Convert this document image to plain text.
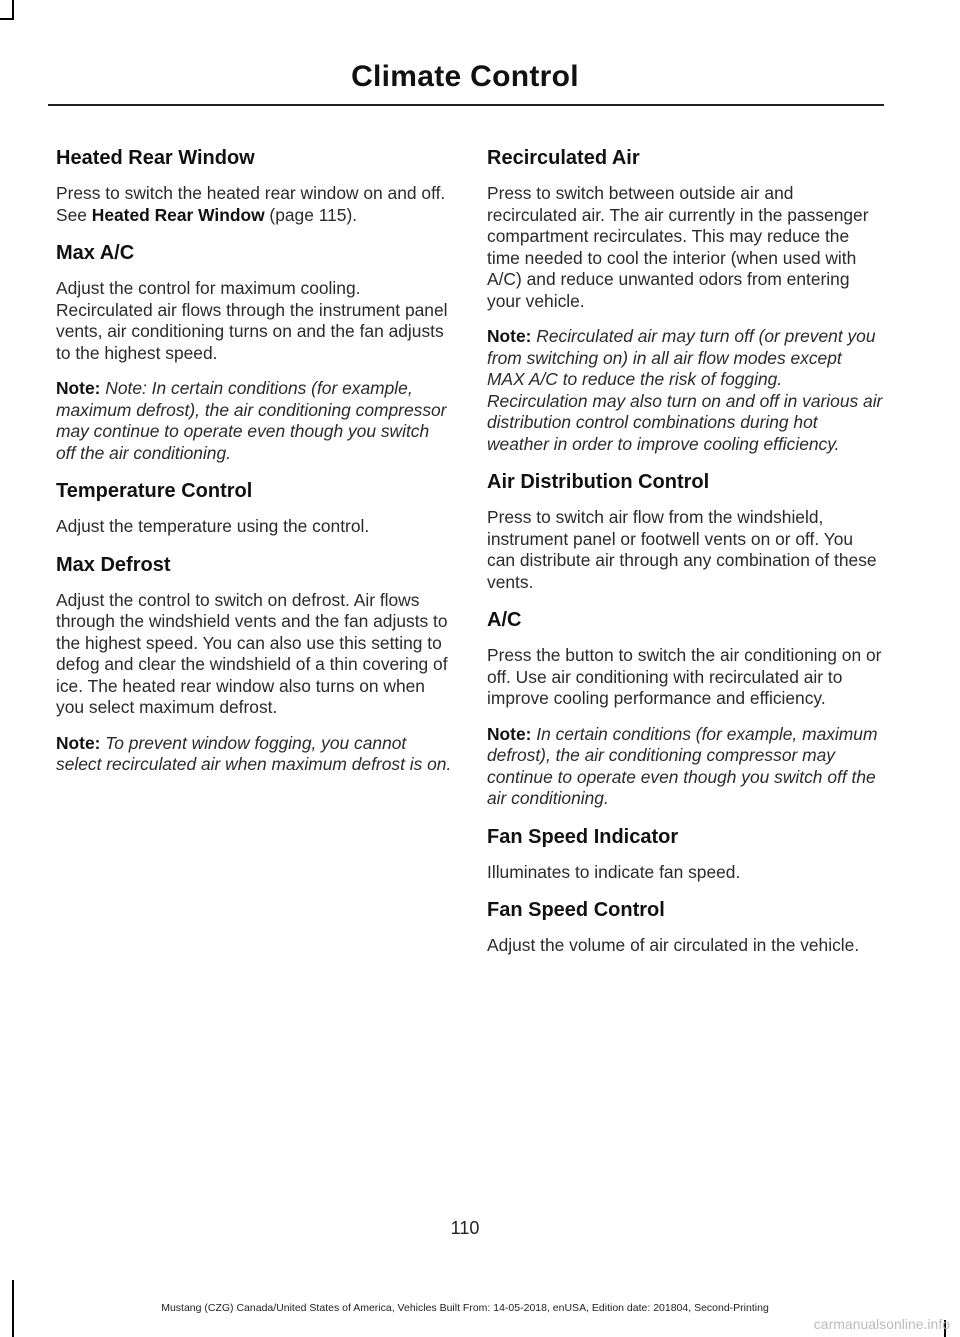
Climate Control
Heated Rear Window

Press to switch the heated rear window on and off. See Heated Rear Window (page 115).

Max A/C

Adjust the control for maximum cooling. Recirculated air flows through the instrument panel vents, air conditioning turns on and the fan adjusts to the highest speed.

Note: Note: In certain conditions (for example, maximum defrost), the air conditioning compressor may continue to operate even though you switch off the air conditioning.

Temperature Control

Adjust the temperature using the control.

Max Defrost

Adjust the control to switch on defrost. Air flows through the windshield vents and the fan adjusts to the highest speed. You can also use this setting to defog and clear the windshield of a thin covering of ice. The heated rear window also turns on when you select maximum defrost.

Note: To prevent window fogging, you cannot select recirculated air when maximum defrost is on.

Recirculated Air

Press to switch between outside air and recirculated air. The air currently in the passenger compartment recirculates. This may reduce the time needed to cool the interior (when used with A/C) and reduce unwanted odors from entering your vehicle.

Note: Recirculated air may turn off (or prevent you from switching on) in all air flow modes except MAX A/C to reduce the risk of fogging. Recirculation may also turn on and off in various air distribution control combinations during hot weather in order to improve cooling efficiency.

Air Distribution Control

Press to switch air flow from the windshield, instrument panel or footwell vents on or off. You can distribute air through any combination of these vents.

A/C

Press the button to switch the air conditioning on or off. Use air conditioning with recirculated air to improve cooling performance and efficiency.

Note: In certain conditions (for example, maximum defrost), the air conditioning compressor may continue to operate even though you switch off the air conditioning.

Fan Speed Indicator

Illuminates to indicate fan speed.

Fan Speed Control

Adjust the volume of air circulated in the vehicle.

110
Mustang (CZG) Canada/United States of America, Vehicles Built From: 14-05-2018, enUSA, Edition date: 201804, Second-Printing
carmanualsonline.info
